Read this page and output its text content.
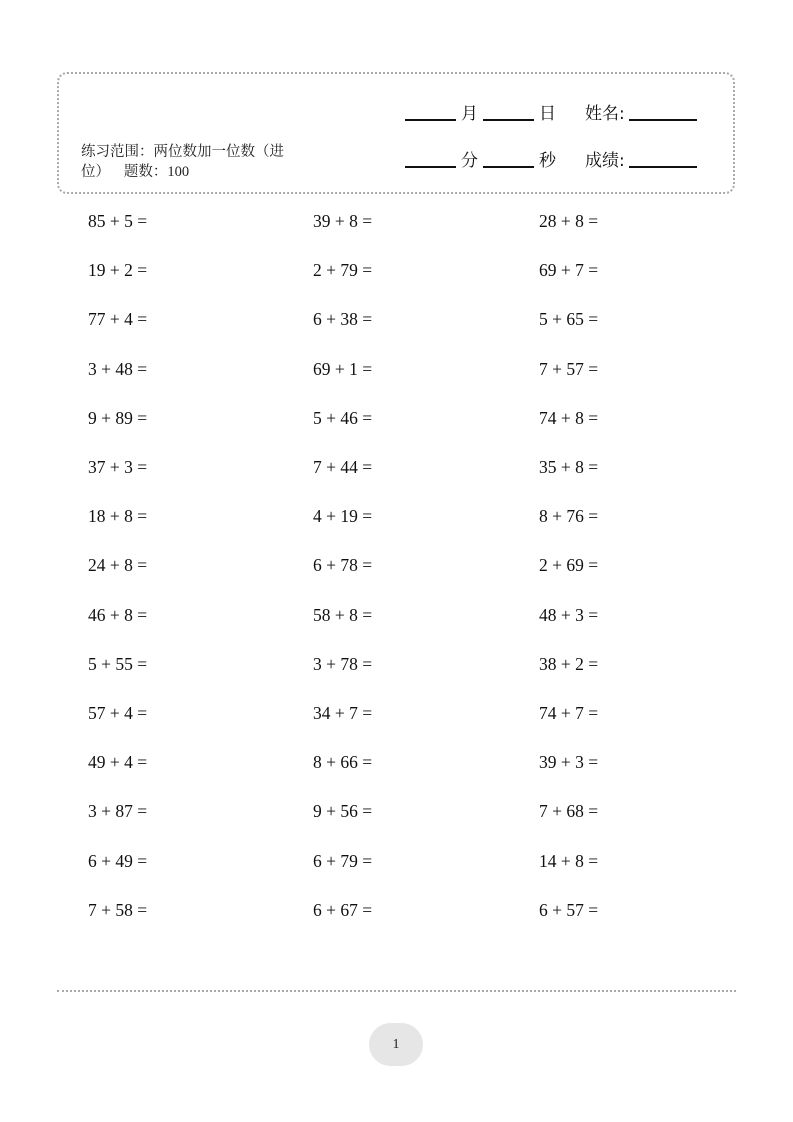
练习范围：两位数加一位数（进位） 题数：100
月	日 姓名:
分	秒 成绩:
85 + 5 =
19 + 2 =
77 + 4 =
3 + 48 =
9 + 89 =
37 + 3 =
18 + 8 =
24 + 8 =
46 + 8 =
5 + 55 =
57 + 4 =
49 + 4 =
3 + 87 =
6 + 49 =
7 + 58 =
39 + 8 =
2 + 79 =
6 + 38 =
69 + 1 =
5 + 46 =
7 + 44 =
4 + 19 =
6 + 78 =
58 + 8 =
3 + 78 =
34 + 7 =
8 + 66 =
9 + 56 =
6 + 79 =
6 + 67 =
28 + 8 =
69 + 7 =
5 + 65 =
7 + 57 =
74 + 8 =
35 + 8 =
8 + 76 =
2 + 69 =
48 + 3 =
38 + 2 =
74 + 7 =
39 + 3 =
7 + 68 =
14 + 8 =
6 + 57 =
1
